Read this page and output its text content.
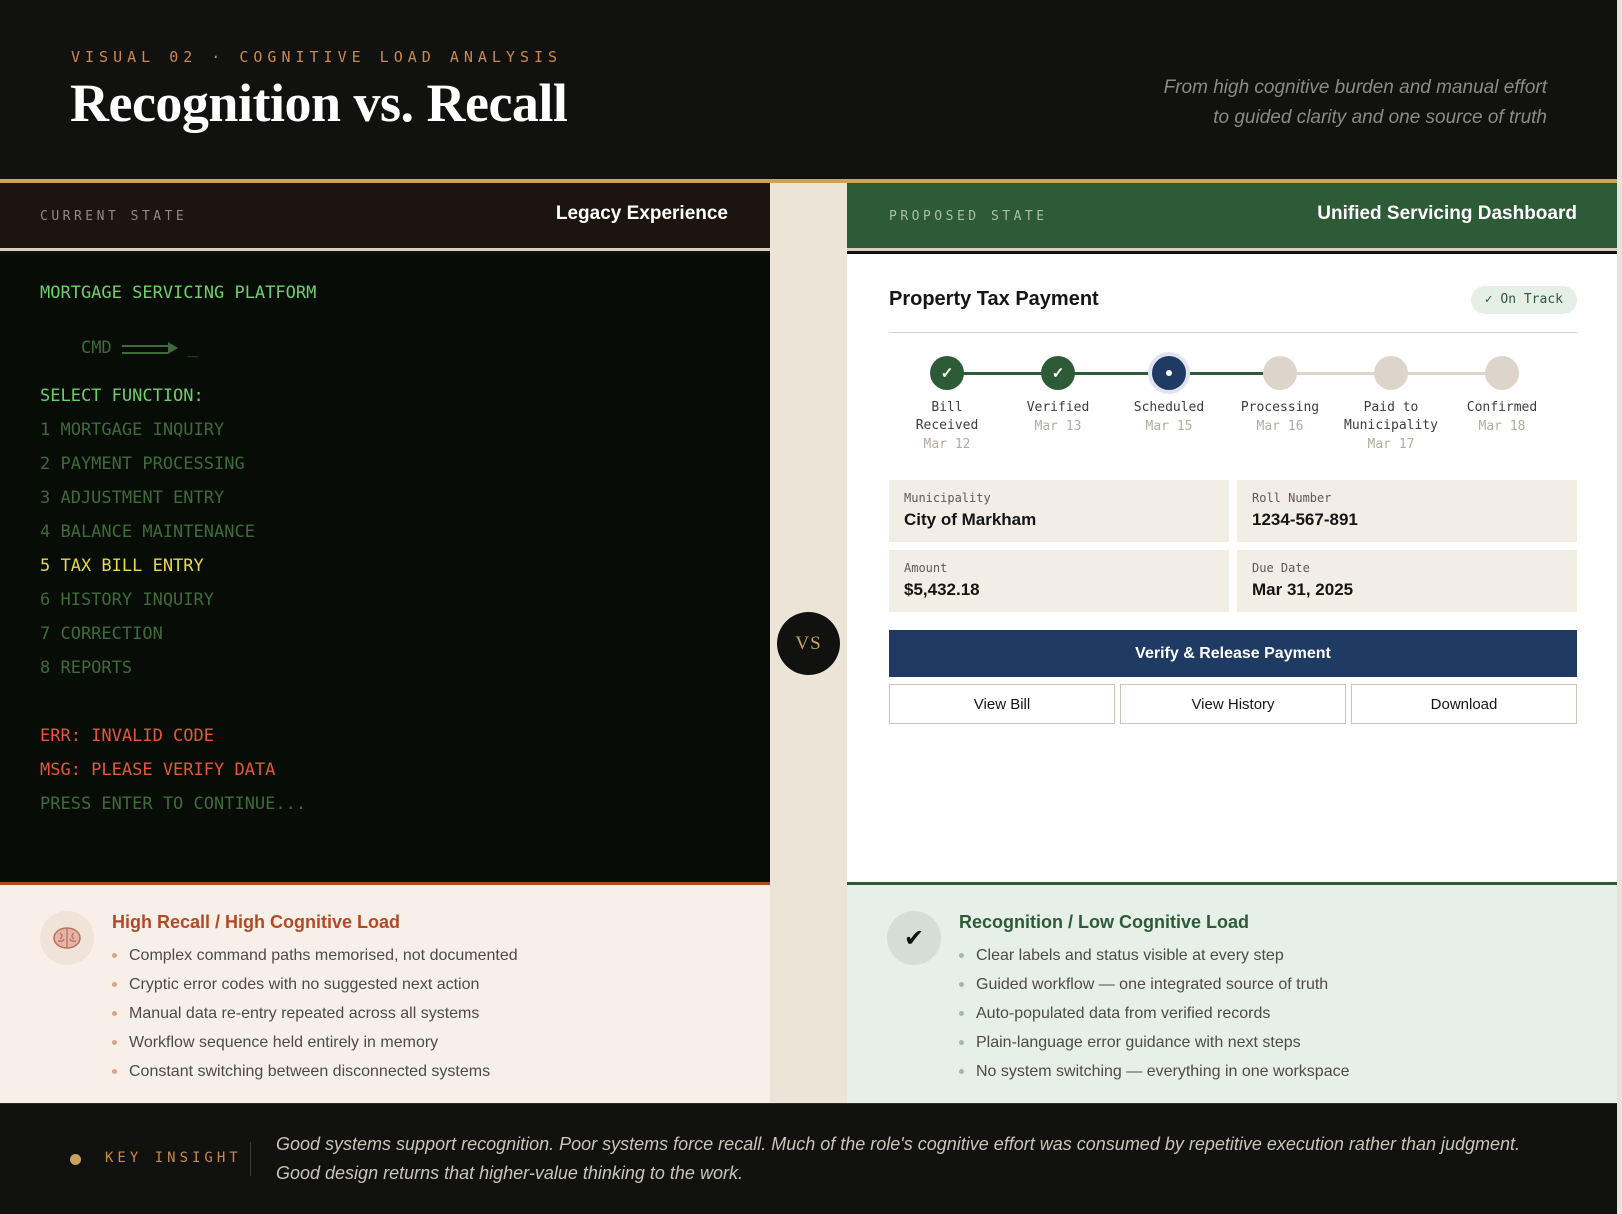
VISUAL 02 · COGNITIVE LOAD ANALYSIS
Recognition vs. Recall	From high cognitive burden and manual effort
to guided clarity and one source of truth
CURRENT STATE	Legacy Experience
MORTGAGE SERVICING PLATFORM

CMD	_

SELECT FUNCTION:
1 MORTGAGE INQUIRY
2 PAYMENT PROCESSING
3 ADJUSTMENT ENTRY
4 BALANCE MAINTENANCE
5 TAX BILL ENTRY
6 HISTORY INQUIRY
7 CORRECTION
8 REPORTS
ERR: INVALID CODE
MSG: PLEASE VERIFY DATA
PRESS ENTER TO CONTINUE...
High Recall / High Cognitive Load
Complex command paths memorised, not documented
Cryptic error codes with no suggested next action
Manual data re-entry repeated across all systems
Workflow sequence held entirely in memory
Constant switching between disconnected systems
VS
PROPOSED STATE	Unified Servicing Dashboard
Property Tax Payment	✓ On Track
✓
Bill
Received
Mar 12
✓
Verified
Mar 13
Scheduled
Mar 15
Processing
Mar 16
Paid to
Municipality
Mar 17
Confirmed
Mar 18
Municipality
City of Markham
Roll Number
1234-567-891
Amount
$5,432.18
Due Date
Mar 31, 2025
Verify & Release Payment
View Bill	View History	Download
✔
Recognition / Low Cognitive Load
Clear labels and status visible at every step
Guided workflow — one integrated source of truth
Auto-populated data from verified records
Plain-language error guidance with next steps
No system switching — everything in one workspace
KEY INSIGHT
Good systems support recognition. Poor systems force recall. Much of the role's cognitive effort was consumed by repetitive execution rather than judgment. Good design returns that higher-value thinking to the work.
